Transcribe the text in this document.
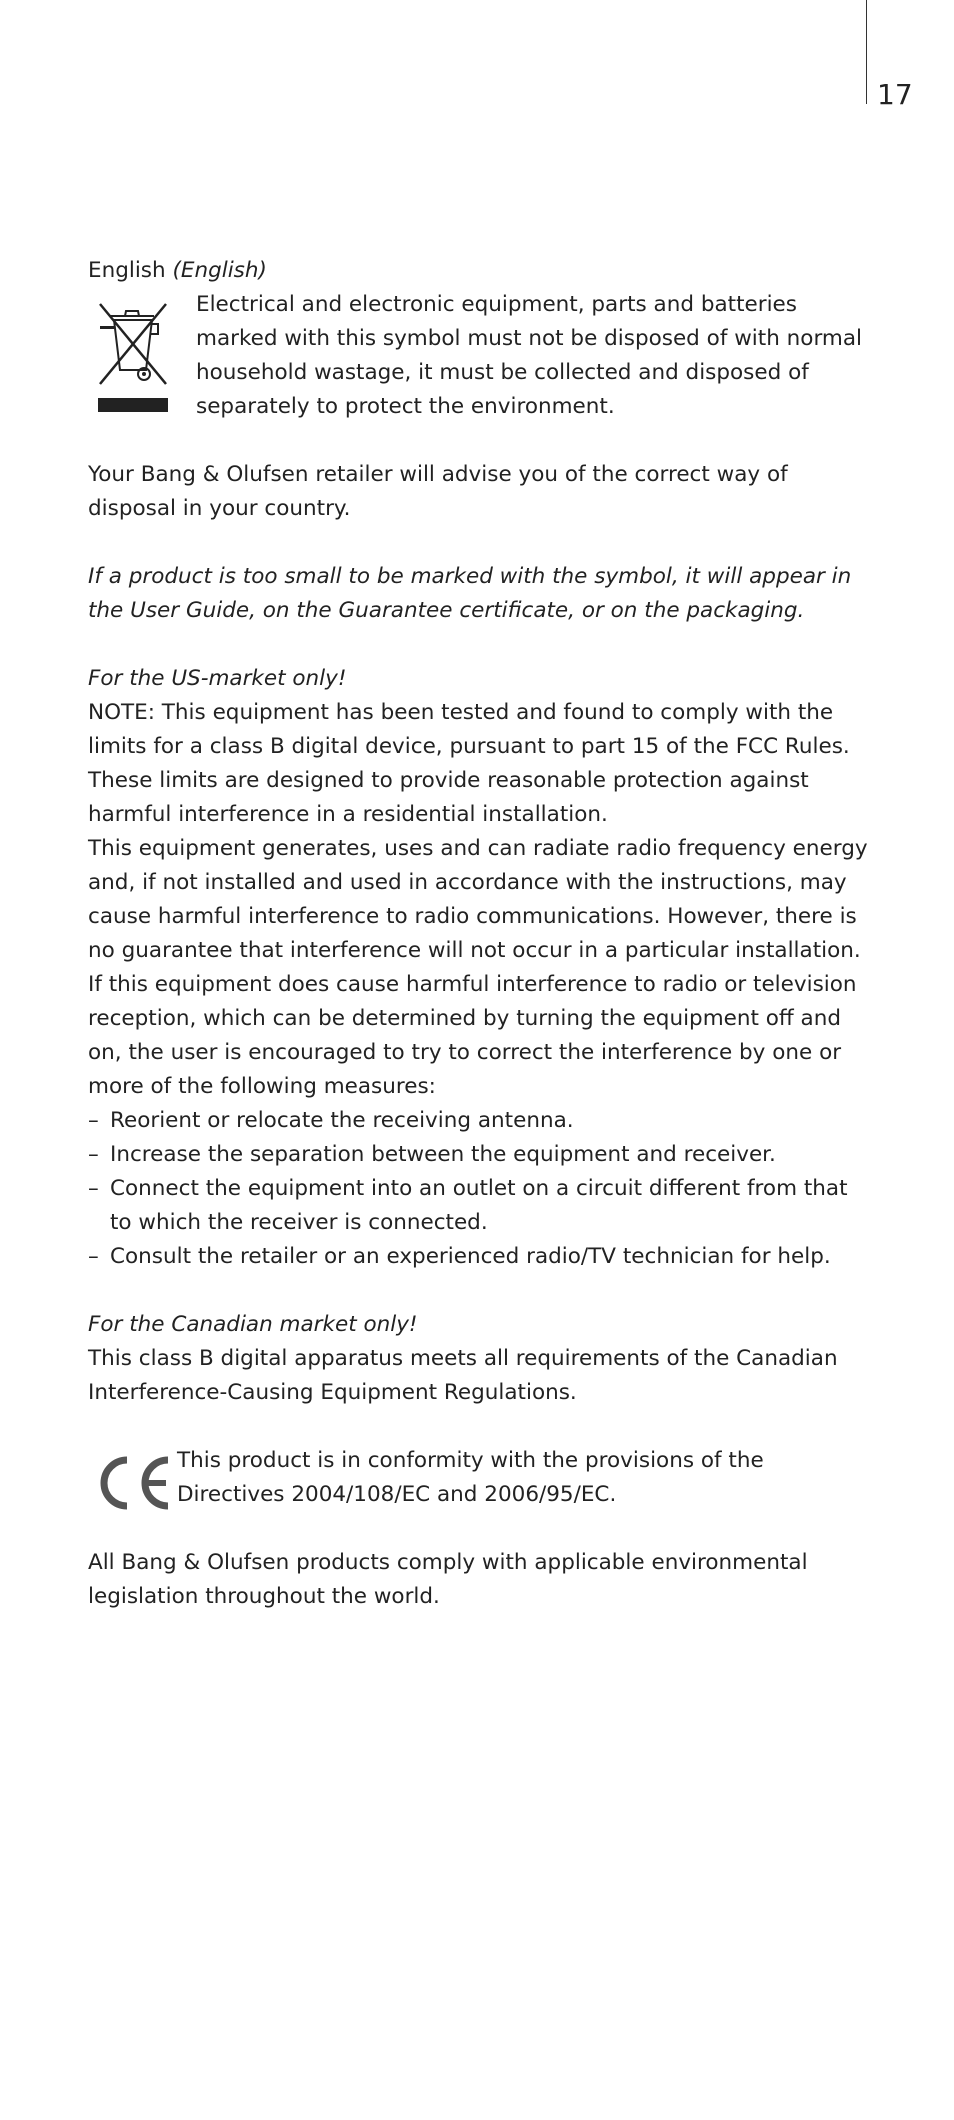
17

English (English)

Electrical and electronic equipment, parts and batteries marked with this symbol must not be disposed of with normal household wastage, it must be collected and disposed of separately to protect the environment.

Your Bang & Olufsen retailer will advise you of the correct way of disposal in your country.

If a product is too small to be marked with the symbol, it will appear in the User Guide, on the Guarantee certificate, or on the packaging.

For the US-market only!

NOTE: This equipment has been tested and found to comply with the limits for a class B digital device, pursuant to part 15 of the FCC Rules. These limits are designed to provide reasonable protection against harmful interference in a residential installation.

This equipment generates, uses and can radiate radio frequency energy and, if not installed and used in accordance with the instructions, may cause harmful interference to radio communications. However, there is no guarantee that interference will not occur in a particular installation. If this equipment does cause harmful interference to radio or television reception, which can be determined by turning the equipment off and on, the user is encouraged to try to correct the interference by one or more of the following measures:

– Reorient or relocate the receiving antenna.
– Increase the separation between the equipment and receiver.
– Connect the equipment into an outlet on a circuit different from that to which the receiver is connected.
– Consult the retailer or an experienced radio/TV technician for help.

For the Canadian market only!

This class B digital apparatus meets all requirements of the Canadian Interference-Causing Equipment Regulations.

This product is in conformity with the provisions of the Directives 2004/108/EC and 2006/95/EC.

All Bang & Olufsen products comply with applicable environmental legislation throughout the world.
